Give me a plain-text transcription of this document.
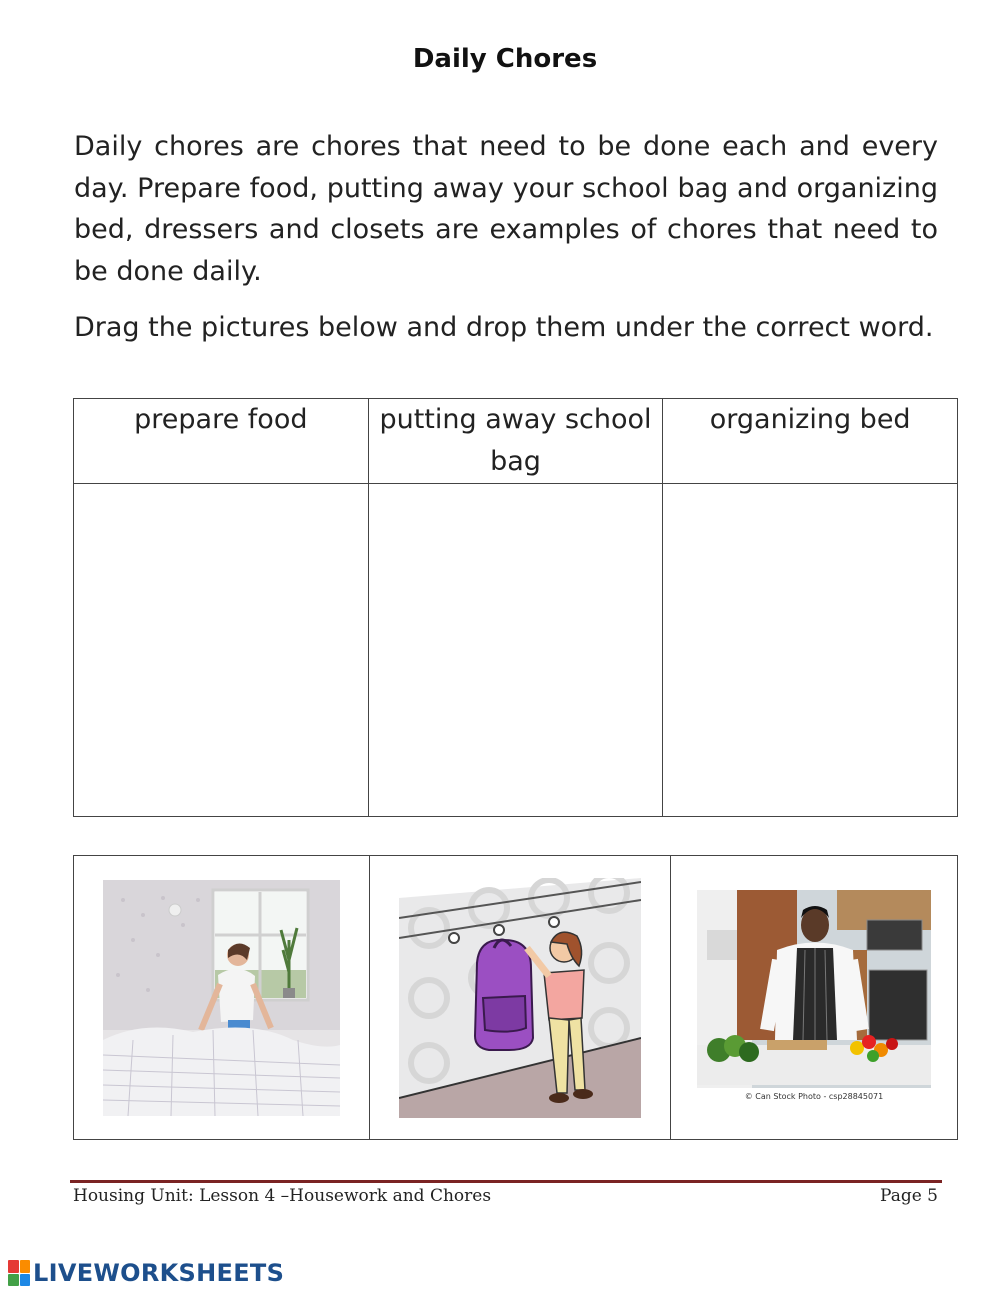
Daily Chores

Daily chores are chores that need to be done each and every day. Prepare food, putting away your school bag and organizing bed, dressers and closets are examples of chores that need to be done daily.

Drag the pictures below and drop them under the correct word.

prepare food	putting away school bag	organizing bed

© Can Stock Photo - csp28845071
Housing Unit: Lesson 4 –Housework and Chores	Page 5
LIVEWORKSHEETS
